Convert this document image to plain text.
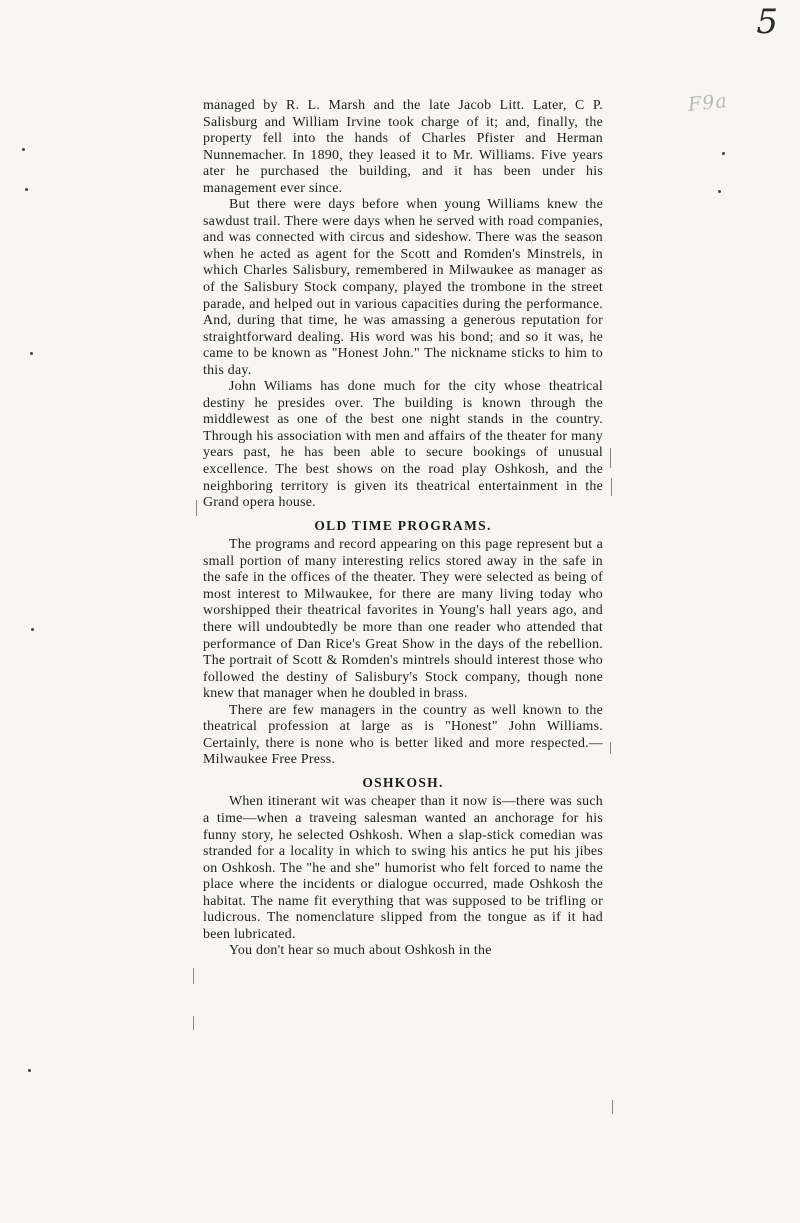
5
F9a

managed by R. L. Marsh and the late Jacob Litt. Later, C P. Salisburg and William Irvine took charge of it; and, finally, the property fell into the hands of Charles Pfister and Herman Nunnemacher. In 1890, they leased it to Mr. Williams. Five years ater he purchased the building, and it has been under his management ever since.

But there were days before when young Williams knew the sawdust trail. There were days when he served with road companies, and was connected with circus and sideshow. There was the season when he acted as agent for the Scott and Romden's Minstrels, in which Charles Salisbury, remembered in Milwaukee as manager as of the Salisbury Stock company, played the trombone in the street parade, and helped out in various capacities during the performance. And, during that time, he was amassing a generous reputation for straightforward dealing. His word was his bond; and so it was, he came to be known as "Honest John." The nickname sticks to him to this day.

John Wiliams has done much for the city whose theatrical destiny he presides over. The building is known through the middlewest as one of the best one night stands in the country. Through his association with men and affairs of the theater for many years past, he has been able to secure bookings of unusual excellence. The best shows on the road play Oshkosh, and the neighboring territory is given its theatrical entertainment in the Grand opera house.

OLD TIME PROGRAMS.

The programs and record appearing on this page represent but a small portion of many interesting relics stored away in the safe in the safe in the offices of the theater. They were selected as being of most interest to Milwaukee, for there are many living today who worshipped their theatrical favorites in Young's hall years ago, and there will undoubtedly be more than one reader who attended that performance of Dan Rice's Great Show in the days of the rebellion. The portrait of Scott & Romden's mintrels should interest those who followed the destiny of Salisbury's Stock company, though none knew that manager when he doubled in brass.

There are few managers in the country as well known to the theatrical profession at large as is "Honest" John Williams. Certainly, there is none who is better liked and more respected.—Milwaukee Free Press.

OSHKOSH.

When itinerant wit was cheaper than it now is—there was such a time—when a traveing salesman wanted an anchorage for his funny story, he selected Oshkosh. When a slap-stick comedian was stranded for a locality in which to swing his antics he put his jibes on Oshkosh. The "he and she" humorist who felt forced to name the place where the incidents or dialogue occurred, made Oshkosh the habitat. The name fit everything that was supposed to be trifling or ludicrous. The nomenclature slipped from the tongue as if it had been lubricated.

You don't hear so much about Oshkosh in the
